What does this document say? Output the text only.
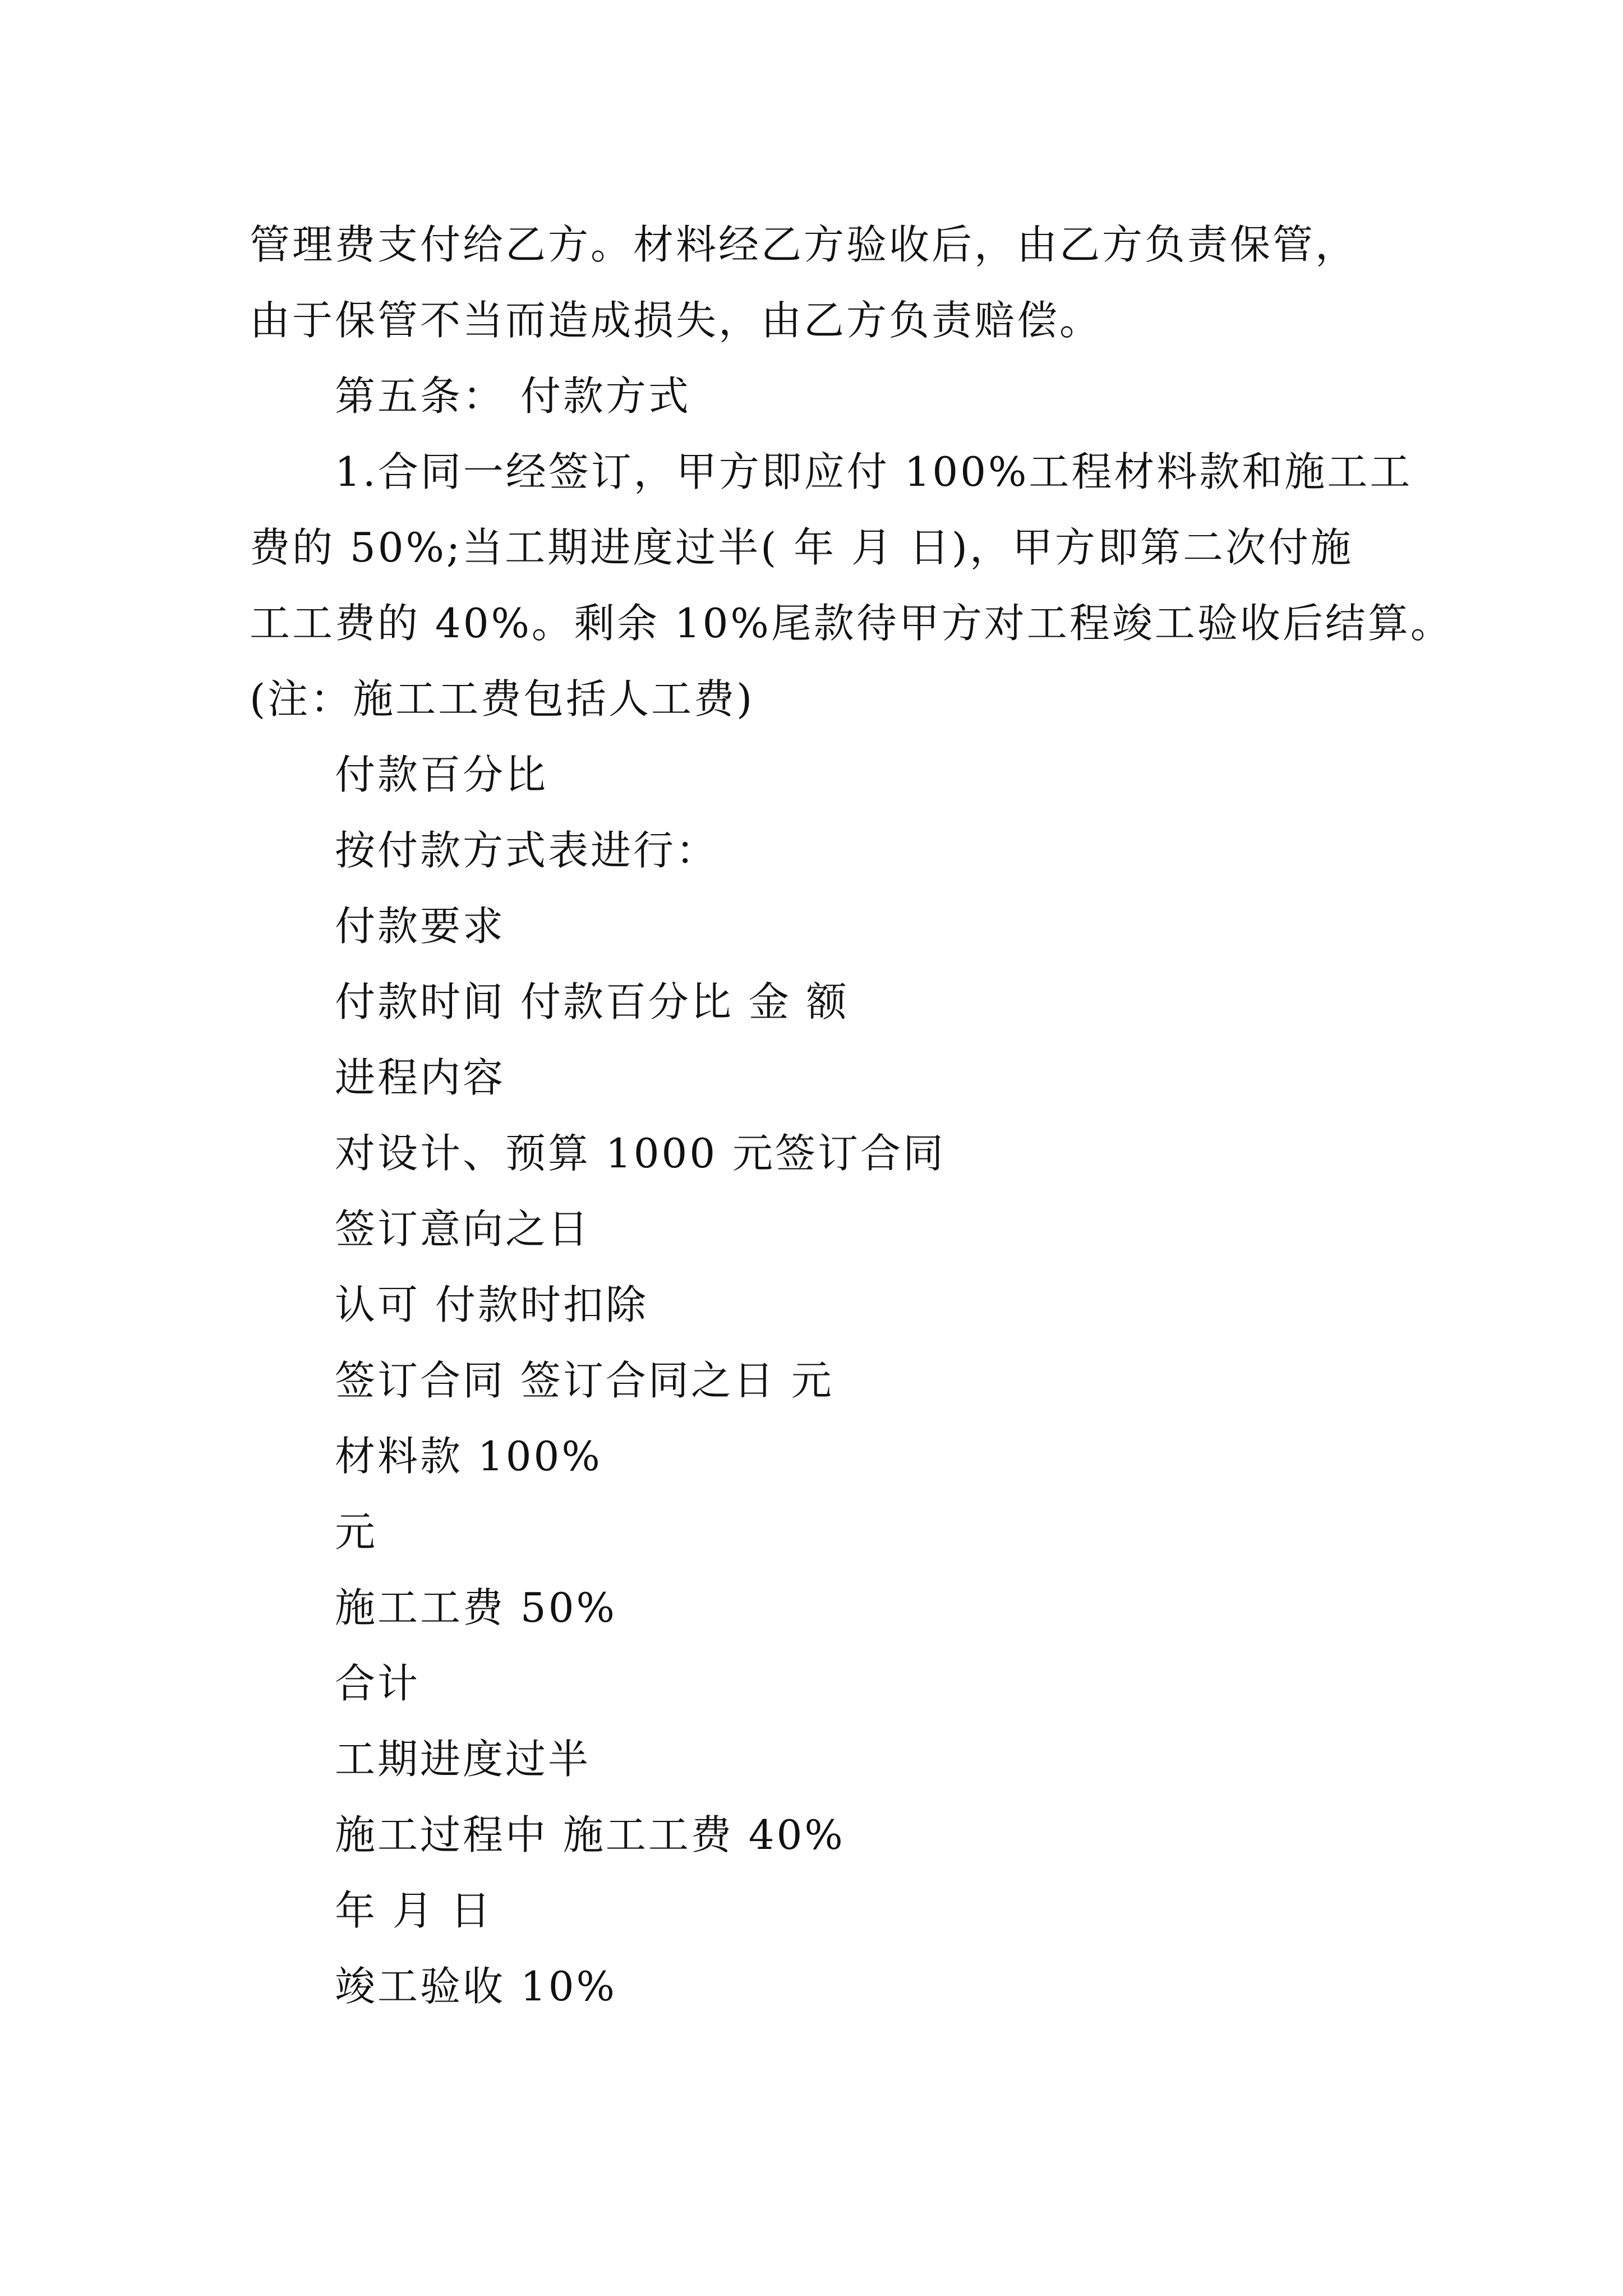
管理费支付给乙方。材料经乙方验收后，由乙方负责保管，
由于保管不当而造成损失，由乙方负责赔偿。
第五条： 付款方式
1.合同一经签订，甲方即应付 100%工程材料款和施工工
费的 50%;当工期进度过半( 年 月 日)，甲方即第二次付施
工工费的 40%。剩余 10%尾款待甲方对工程竣工验收后结算。
(注：施工工费包括人工费)
付款百分比
按付款方式表进行：
付款要求
付款时间 付款百分比 金 额
进程内容
对设计、预算 1000 元签订合同
签订意向之日
认可 付款时扣除
签订合同 签订合同之日 元
材料款 100%
元
施工工费 50%
合计
工期进度过半
施工过程中 施工工费 40%
年 月 日
竣工验收 10%
